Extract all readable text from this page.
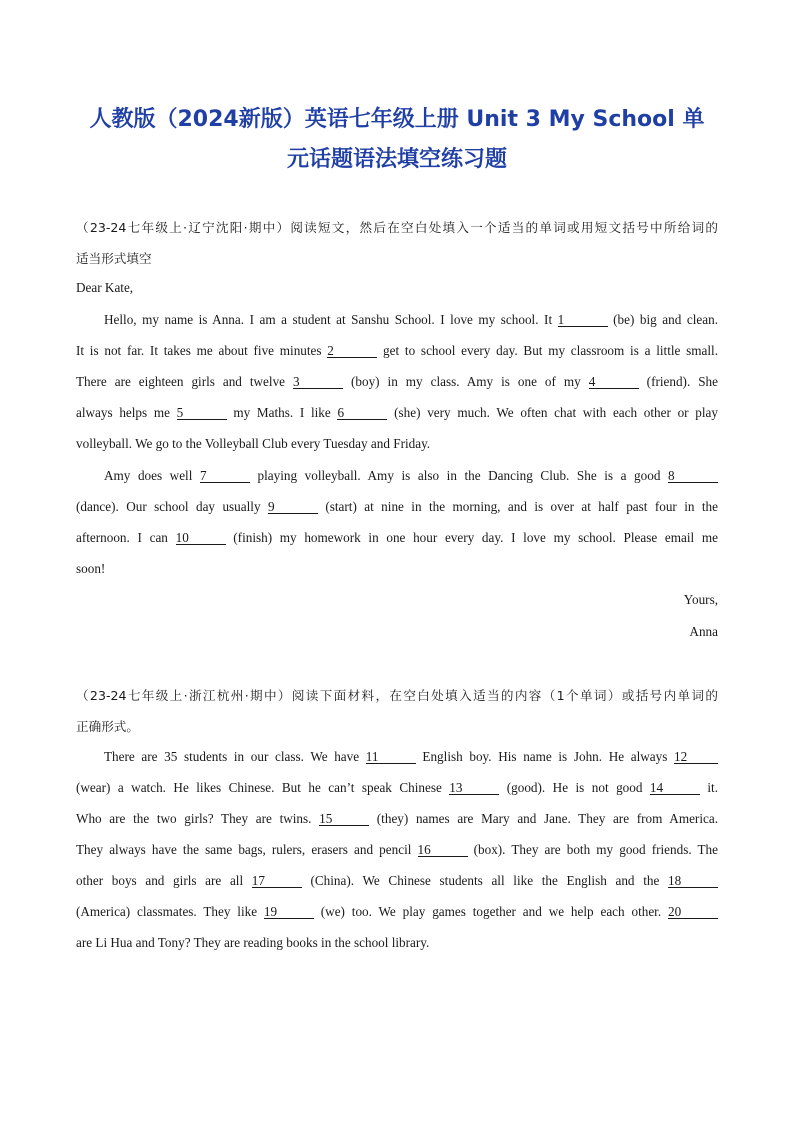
人教版（2024新版）英语七年级上册 Unit 3 My School 单
元话题语法填空练习题
（23-24七年级上·辽宁沈阳·期中）阅读短文，然后在空白处填入一个适当的单词或用短文括号中所给词的
适当形式填空
Dear Kate,
Hello, my name is Anna. I am a student at Sanshu School. I love my school. It 1	(be) big and clean.
It is not far. It takes me about five minutes 2	get to school every day. But my classroom is a little small.
There are eighteen girls and twelve 3	(boy) in my class. Amy is one of my 4	(friend). She
always helps me 5	my Maths. I like 6	(she) very much. We often chat with each other or play
volleyball. We go to the Volleyball Club every Tuesday and Friday.
Amy does well 7	playing volleyball. Amy is also in the Dancing Club. She is a good 8
(dance). Our school day usually 9	(start) at nine in the morning, and is over at half past four in the
afternoon. I can 10	(finish) my homework in one hour every day. I love my school. Please email me
soon!
Yours,
Anna
（23-24七年级上·浙江杭州·期中）阅读下面材料，在空白处填入适当的内容（1个单词）或括号内单词的
正确形式。
There are 35 students in our class. We have 11	English boy. His name is John. He always 12
(wear) a watch. He likes Chinese. But he can’t speak Chinese 13	(good). He is not good 14	it.
Who are the two girls? They are twins. 15	(they) names are Mary and Jane. They are from America.
They always have the same bags, rulers, erasers and pencil 16	(box). They are both my good friends. The
other boys and girls are all 17	(China). We Chinese students all like the English and the 18
(America) classmates. They like 19	(we) too. We play games together and we help each other. 20
are Li Hua and Tony? They are reading books in the school library.
